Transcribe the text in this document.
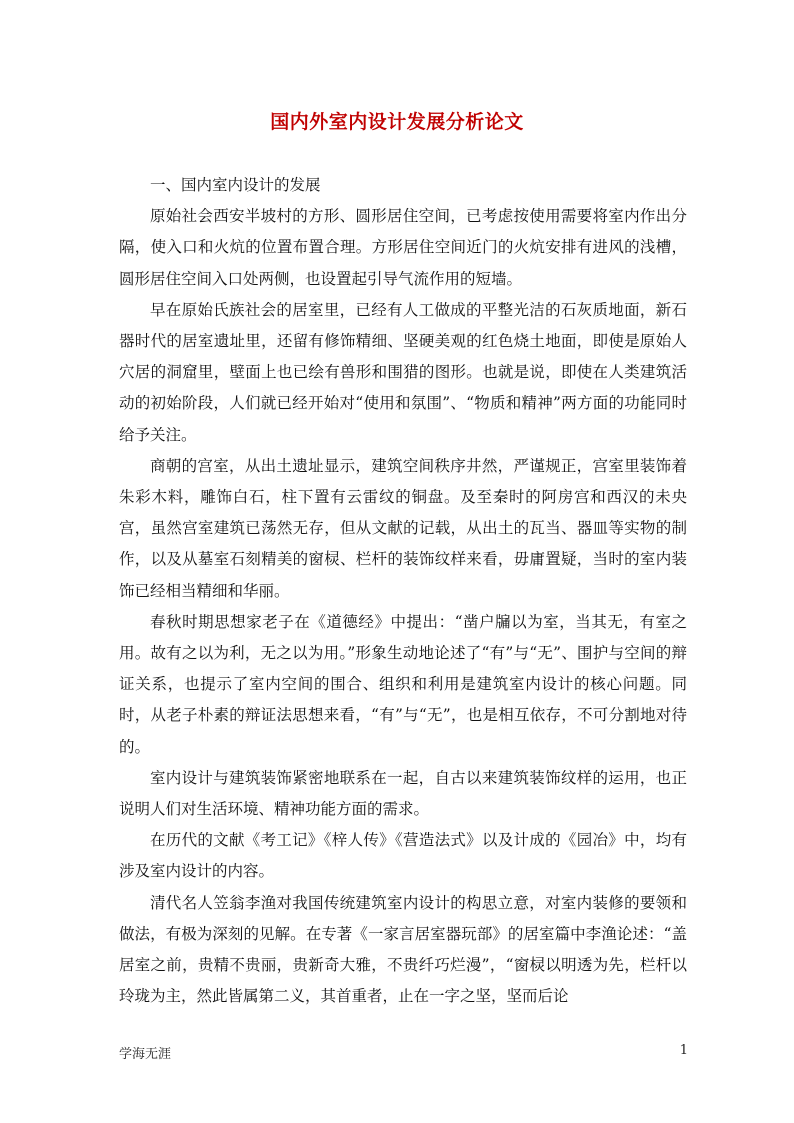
国内外室内设计发展分析论文

一、国内室内设计的发展

原始社会西安半坡村的方形、圆形居住空间，已考虑按使用需要将室内作出分隔，使入口和火炕的位置布置合理。方形居住空间近门的火炕安排有进风的浅槽，圆形居住空间入口处两侧，也设置起引导气流作用的短墙。

早在原始氏族社会的居室里，已经有人工做成的平整光洁的石灰质地面，新石器时代的居室遗址里，还留有修饰精细、坚硬美观的红色烧土地面，即使是原始人穴居的洞窟里，壁面上也已绘有兽形和围猎的图形。也就是说，即使在人类建筑活动的初始阶段，人们就已经开始对“使用和氛围”、“物质和精神”两方面的功能同时给予关注。

商朝的宫室，从出土遗址显示，建筑空间秩序井然，严谨规正，宫室里装饰着朱彩木料，雕饰白石，柱下置有云雷纹的铜盘。及至秦时的阿房宫和西汉的未央宫，虽然宫室建筑已荡然无存，但从文献的记载，从出土的瓦当、器皿等实物的制作，以及从墓室石刻精美的窗棂、栏杆的装饰纹样来看，毋庸置疑，当时的室内装饰已经相当精细和华丽。

春秋时期思想家老子在《道德经》中提出：“凿户牖以为室，当其无，有室之用。故有之以为利，无之以为用。”形象生动地论述了“有”与“无”、围护与空间的辩证关系，也提示了室内空间的围合、组织和利用是建筑室内设计的核心问题。同时，从老子朴素的辩证法思想来看，“有”与“无”，也是相互依存，不可分割地对待的。

室内设计与建筑装饰紧密地联系在一起，自古以来建筑装饰纹样的运用，也正说明人们对生活环境、精神功能方面的需求。

在历代的文献《考工记》《梓人传》《营造法式》以及计成的《园冶》中，均有涉及室内设计的内容。

清代名人笠翁李渔对我国传统建筑室内设计的构思立意，对室内装修的要领和做法，有极为深刻的见解。在专著《一家言居室器玩部》的居室篇中李渔论述：“盖居室之前，贵精不贵丽，贵新奇大雅，不贵纤巧烂漫”，“窗棂以明透为先，栏杆以玲珑为主，然此皆属第二义，其首重者，止在一字之坚，坚而后论

学海无涯	1
